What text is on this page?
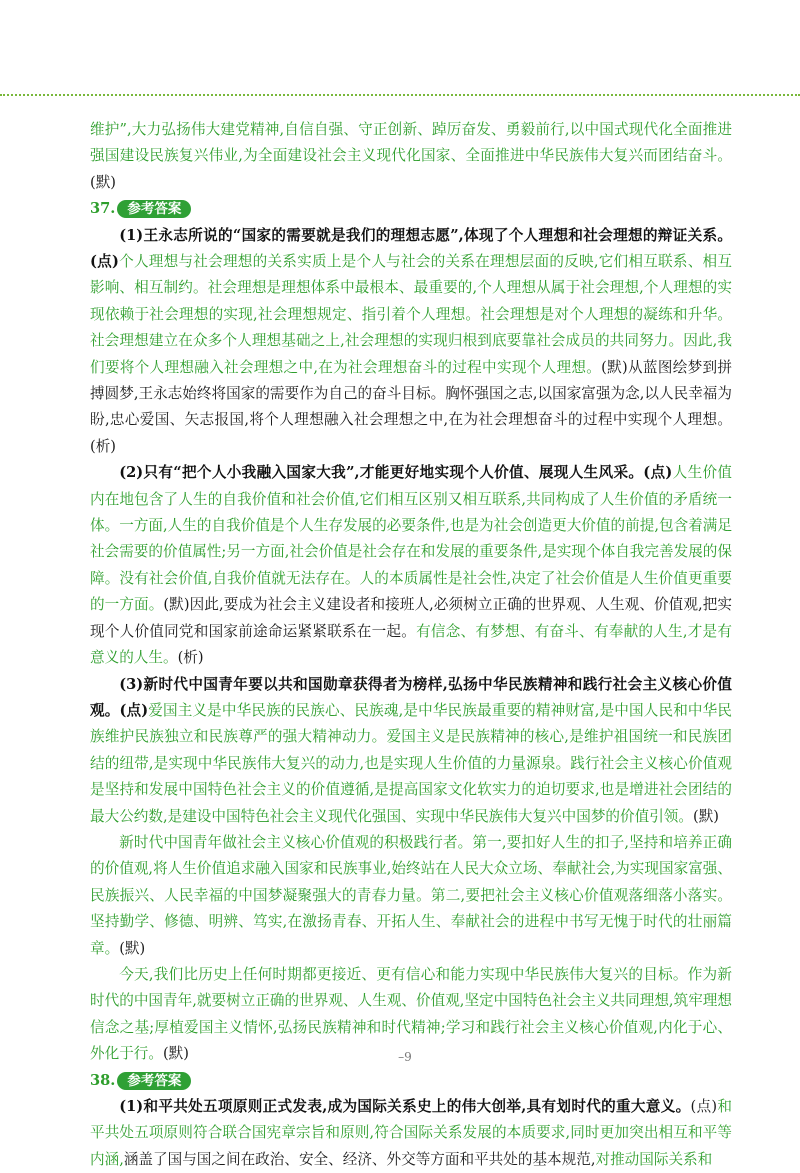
维护”,大力弘扬伟大建党精神,自信自强、守正创新、踔厉奋发、勇毅前行,以中国式现代化全面推进强国建设民族复兴伟业,为全面建设社会主义现代化国家、全面推进中华民族伟大复兴而团结奋斗。(默)

37. 参考答案

(1)王永志所说的“国家的需要就是我们的理想志愿”,体现了个人理想和社会理想的辩证关系。(点)个人理想与社会理想的关系实质上是个人与社会的关系在理想层面的反映,它们相互联系、相互影响、相互制约。社会理想是理想体系中最根本、最重要的,个人理想从属于社会理想,个人理想的实现依赖于社会理想的实现,社会理想规定、指引着个人理想。社会理想是对个人理想的凝练和升华。社会理想建立在众多个人理想基础之上,社会理想的实现归根到底要靠社会成员的共同努力。因此,我们要将个人理想融入社会理想之中,在为社会理想奋斗的过程中实现个人理想。(默)从蓝图绘梦到拼搏圆梦,王永志始终将国家的需要作为自己的奋斗目标。胸怀强国之志,以国家富强为念,以人民幸福为盼,忠心爱国、矢志报国,将个人理想融入社会理想之中,在为社会理想奋斗的过程中实现个人理想。(析)

(2)只有“把个人小我融入国家大我”,才能更好地实现个人价值、展现人生风采。(点)人生价值内在地包含了人生的自我价值和社会价值,它们相互区别又相互联系,共同构成了人生价值的矛盾统一体。一方面,人生的自我价值是个人生存发展的必要条件,也是为社会创造更大价值的前提,包含着满足社会需要的价值属性;另一方面,社会价值是社会存在和发展的重要条件,是实现个体自我完善发展的保障。没有社会价值,自我价值就无法存在。人的本质属性是社会性,决定了社会价值是人生价值更重要的一方面。(默)因此,要成为社会主义建设者和接班人,必须树立正确的世界观、人生观、价值观,把实现个人价值同党和国家前途命运紧紧联系在一起。有信念、有梦想、有奋斗、有奉献的人生,才是有意义的人生。(析)

(3)新时代中国青年要以共和国勋章获得者为榜样,弘扬中华民族精神和践行社会主义核心价值观。(点)爱国主义是中华民族的民族心、民族魂,是中华民族最重要的精神财富,是中国人民和中华民族维护民族独立和民族尊严的强大精神动力。爱国主义是民族精神的核心,是维护祖国统一和民族团结的纽带,是实现中华民族伟大复兴的动力,也是实现人生价值的力量源泉。践行社会主义核心价值观是坚持和发展中国特色社会主义的价值遵循,是提高国家文化软实力的迫切要求,也是增进社会团结的最大公约数,是建设中国特色社会主义现代化强国、实现中华民族伟大复兴中国梦的价值引领。(默)

新时代中国青年做社会主义核心价值观的积极践行者。第一,要扣好人生的扣子,坚持和培养正确的价值观,将人生价值追求融入国家和民族事业,始终站在人民大众立场、奉献社会,为实现国家富强、民族振兴、人民幸福的中国梦凝聚强大的青春力量。第二,要把社会主义核心价值观落细落小落实。坚持勤学、修德、明辨、笃实,在激扬青春、开拓人生、奉献社会的进程中书写无愧于时代的壮丽篇章。(默)

今天,我们比历史上任何时期都更接近、更有信心和能力实现中华民族伟大复兴的目标。作为新时代的中国青年,就要树立正确的世界观、人生观、价值观,坚定中国特色社会主义共同理想,筑牢理想信念之基;厚植爱国主义情怀,弘扬民族精神和时代精神;学习和践行社会主义核心价值观,内化于心、外化于行。(默)

38. 参考答案

(1)和平共处五项原则正式发表,成为国际关系史上的伟大创举,具有划时代的重大意义。(点)和平共处五项原则符合联合国宪章宗旨和原则,符合国际关系发展的本质要求,同时更加突出相互和平等内涵,涵盖了国与国之间在政治、安全、经济、外交等方面和平共处的基本规范,对推动国际关系和

–9
